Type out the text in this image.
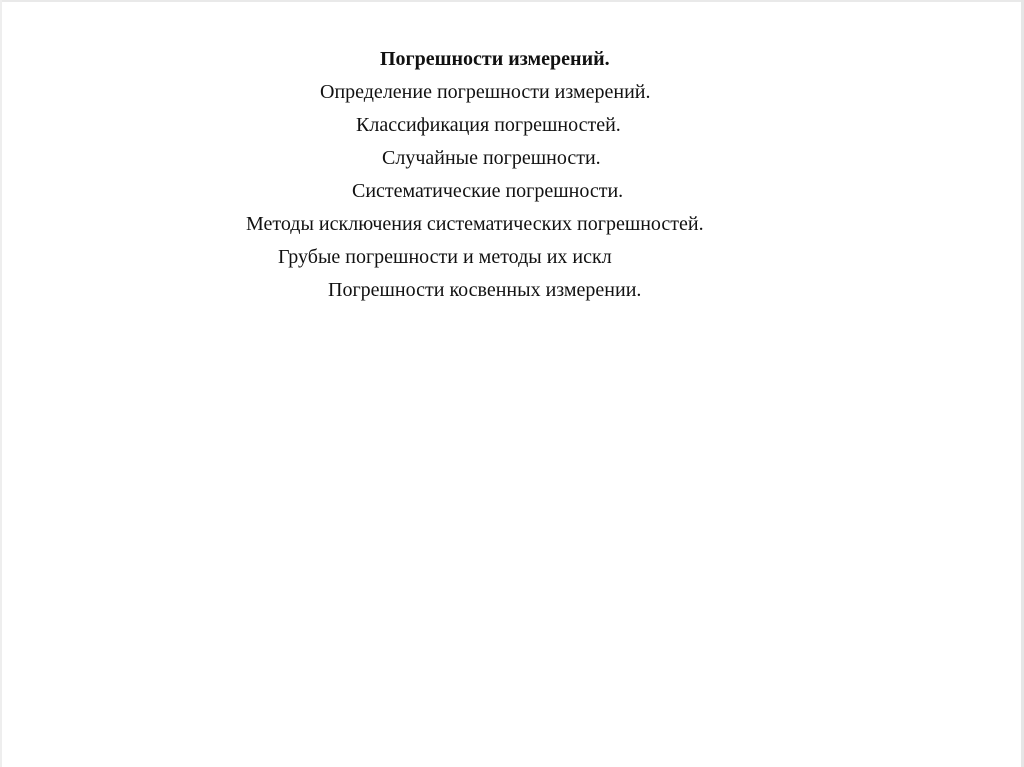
Погрешности измерений.
Определение погрешности измерений.
Классификация погрешностей.
Случайные погрешности.
Систематические погрешности.
Методы исключения систематических погрешностей.
Грубые погрешности и методы их искл
Погрешности косвенных измерении.
